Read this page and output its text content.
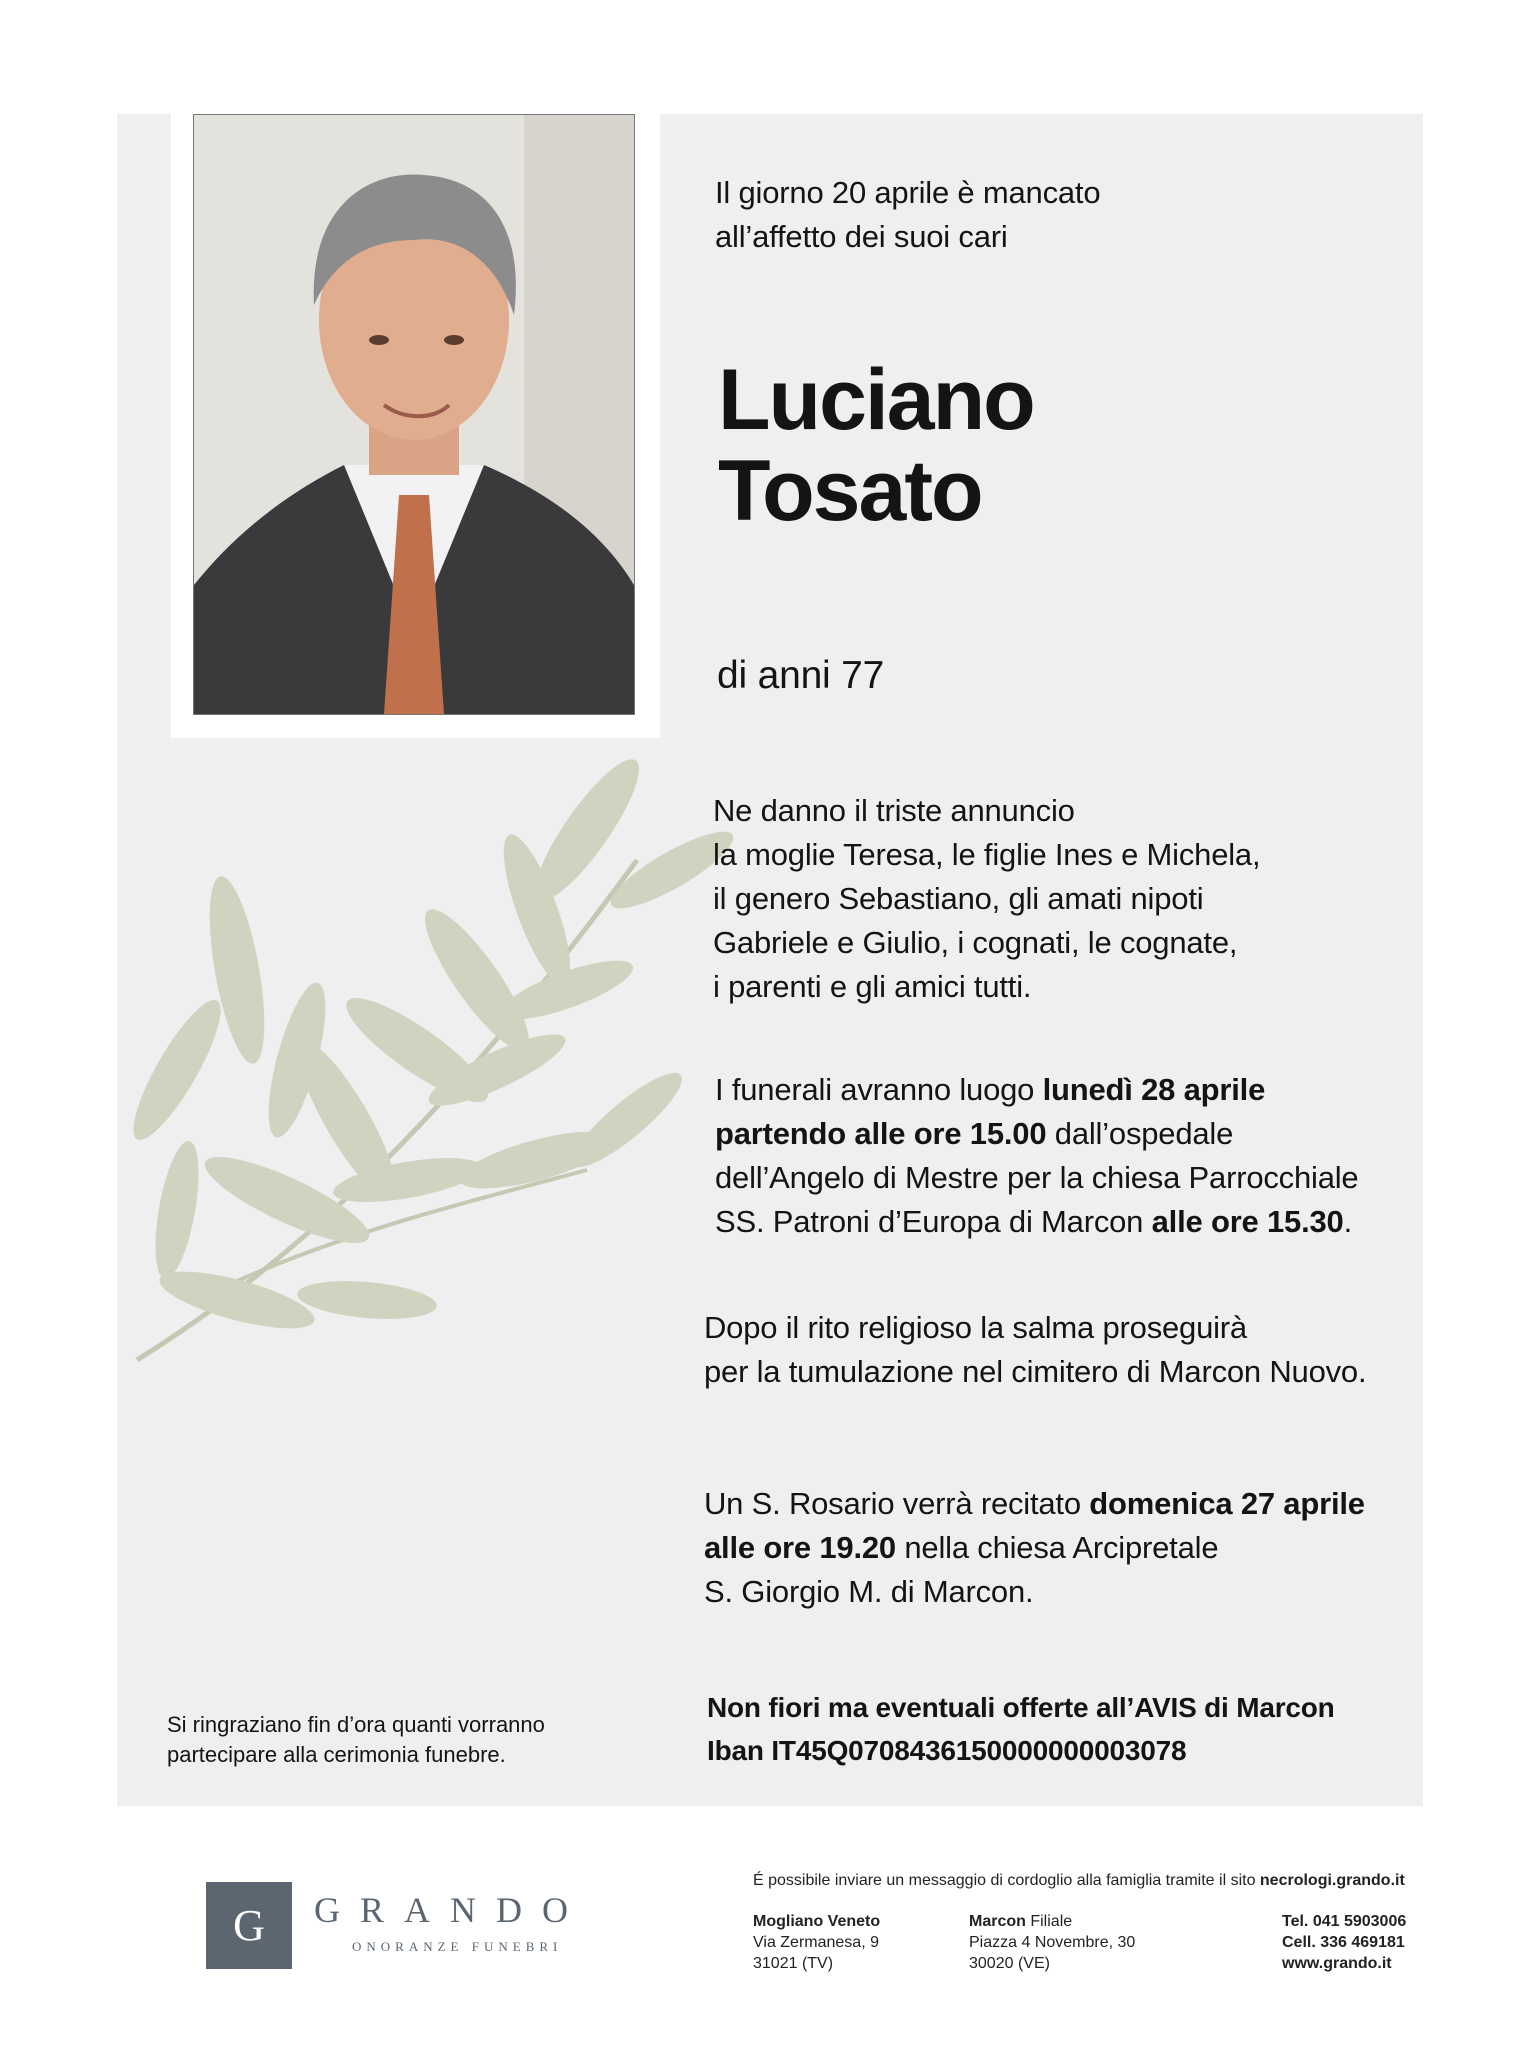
Il giorno 20 aprile è mancato
all’affetto dei suoi cari

Luciano
Tosato

di anni 77

Ne danno il triste annuncio
la moglie Teresa, le figlie Ines e Michela,
il genero Sebastiano, gli amati nipoti
Gabriele e Giulio, i cognati, le cognate,
i parenti e gli amici tutti.

I funerali avranno luogo lunedì 28 aprile
partendo alle ore 15.00 dall’ospedale
dell’Angelo di Mestre per la chiesa Parrocchiale
SS. Patroni d’Europa di Marcon alle ore 15.30.

Dopo il rito religioso la salma proseguirà
per la tumulazione nel cimitero di Marcon Nuovo.

Un S. Rosario verrà recitato domenica 27 aprile
alle ore 19.20 nella chiesa Arcipretale
S. Giorgio M. di Marcon.

Non fiori ma eventuali offerte all’AVIS di Marcon
Iban IT45Q0708436150000000003078

Si ringraziano fin d’ora quanti vorranno
partecipare alla cerimonia funebre.

G	GRANDO

ONORANZE FUNEBRI

É possibile inviare un messaggio di cordoglio alla famiglia tramite il sito necrologi.grando.it

Mogliano Veneto
Via Zermanesa, 9
31021 (TV)
Marcon Filiale
Piazza 4 Novembre, 30
30020 (VE)
Tel. 041 5903006
Cell. 336 469181
www.grando.it
